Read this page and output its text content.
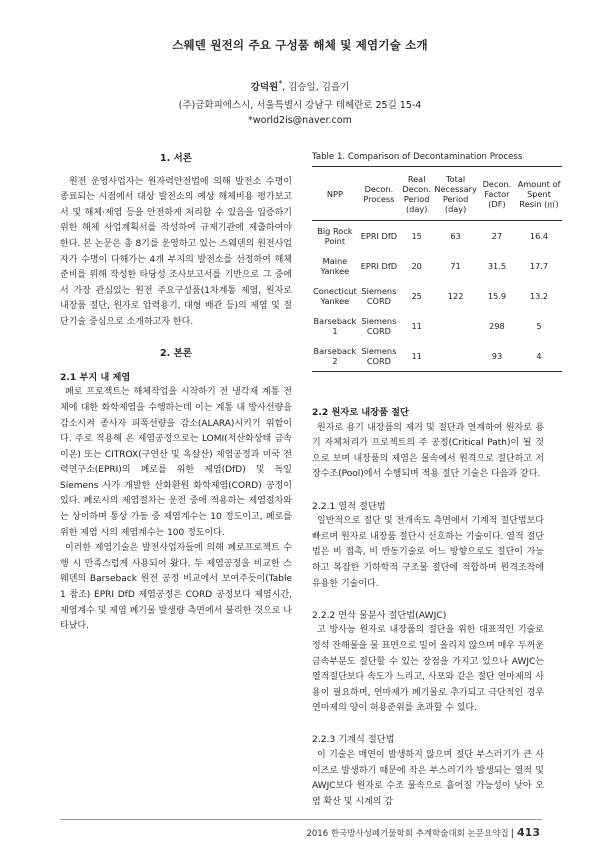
스웨덴 원전의 주요 구성품 해체 및 제염기술 소개
강덕원*, 김승일, 김을기
(주)금화피에스시, 서울특별시 강남구 테헤란로 25길 15-4
*world2is@naver.com

1. 서론

원전 운영사업자는 원자력안전법에 의해 발전소 수명이 종료되는 시점에서 대상 발전소의 예상 해체비용 평가보고서 및 해체·제염 등을 안전하게 처리할 수 있음을 입증하기 위한 해체 사업계획서를 작성하여 규제기관에 제출하여야 한다. 본 논문은 총 8기를 운영하고 있는 스웨덴의 원전사업자가 수명이 다해가는 4개 부지의 발전소를 선정하여 해체 준비를 위해 작성한 타당성 조사보고서를 기반으로 그 중에서 가장 관심있는 원전 주요구성품(1차계통 제염, 원자로 내장품 절단, 원자로 압력용기, 대형 배관 등)의 제염 및 절단기술 중심으로 소개하고자 한다.

2. 본론

2.1 부지 내 제염

폐로 프로젝트는 해체작업을 시작하기 전 냉각재 계통 전체에 대한 화학제염을 수행하는데 이는 계통 내 방사선량을 감소시켜 종사자 피폭선량을 감소(ALARA)시키기 위함이다. 주로 적용해 온 제염공정으로는 LOMI(저산화상태 금속이온) 또는 CITROX(구연산 및 옥살산) 제염공정과 미국 전력연구소(EPRI)의 폐로를 위한 제염(DfD) 및 독일 Siemens 사가 개발한 산화환원 화학제염(CORD) 공정이 있다. 폐로시의 제염절차는 운전 중에 적용하는 제염절차와는 상이하며 통상 가동 중 제염계수는 10 정도이고, 폐로를 위한 제염 시의 제염계수는 100 정도이다.

이러한 제염기술은 발전사업자들에 의해 폐로프로젝트 수행 시 만족스럽게 사용되어 왔다. 두 제염공정을 비교한 스웨덴의 Barseback 원전 공정 비교에서 보여주듯이(Table 1 참조) EPRI DfD 제염공정은 CORD 공정보다 제염시간, 제염계수 및 제염 폐기물 발생량 측면에서 불리한 것으로 나타났다.

Table 1. Comparison of Decontamination Process
NPP	Decon. Process	Real Decon. Period (day)	Total Necessary Period (day)	Decon. Factor (DF)	Amount of Spent Resin (㎥)
Big Rock Point	EPRI DfD	15	63	27	16.4
Maine Yankee	EPRI DfD	20	71	31.5	17.7
Conecticut Yankee	Siemens CORD	25	122	15.9	13.2
Barseback 1	Siemens CORD	11		298	5
Barseback 2	Siemens CORD	11		93	4

2.2 원자로 내장품 절단

원자로 용기 내장품의 제거 및 절단과 연계하여 원자로 용기 자체처리가 프로젝트의 주 공정(Critical Path)이 될 것으로 보며 내장품의 제염은 물속에서 원격으로 절단하고 저장수조(Pool)에서 수행되며 적용 절단 기술은 다음과 같다.

2.2.1 열적 절단법

일반적으로 절단 및 전개속도 측면에서 기계적 절단법보다 빠르며 원자로 내장품 절단시 선호하는 기술이다. 열적 절단법은 비 접촉, 비 반동기술로 어느 방향으로도 절단이 가능하고 복잡한 기하학적 구조물 절단에 적합하며 원격조작에 유용한 기술이다.

2.2.2 연삭 물분사 절단법(AWJC)

고 방사능 원자로 내장품의 절단을 위한 대표적인 기술로 정석 잔해물을 물 표면으로 밀어 올리지 않으며 매우 두꺼운 금속부분도 절단할 수 있는 장점을 가지고 있으나 AWJC는 열적절단보다 속도가 느리고, 사포와 같은 절단 연마제의 사용이 필요하며, 연마제가 폐기물로 추가되고 극단적인 경우 연마제의 양이 허용준위를 초과할 수 있다.

2.2.3 기계식 절단법

이 기술은 매연이 발생하지 않으며 절단 부스러기가 큰 사이즈로 발생하기 때문에 작은 부스러기가 발생되는 열적 및 AWJC보다 원자로 수조 물속으로 흘어질 가능성이 낮아 오염 확산 및 시계의 감

2016 한국방사성폐기물학회 추계학술대회 논문요약집 | 413
